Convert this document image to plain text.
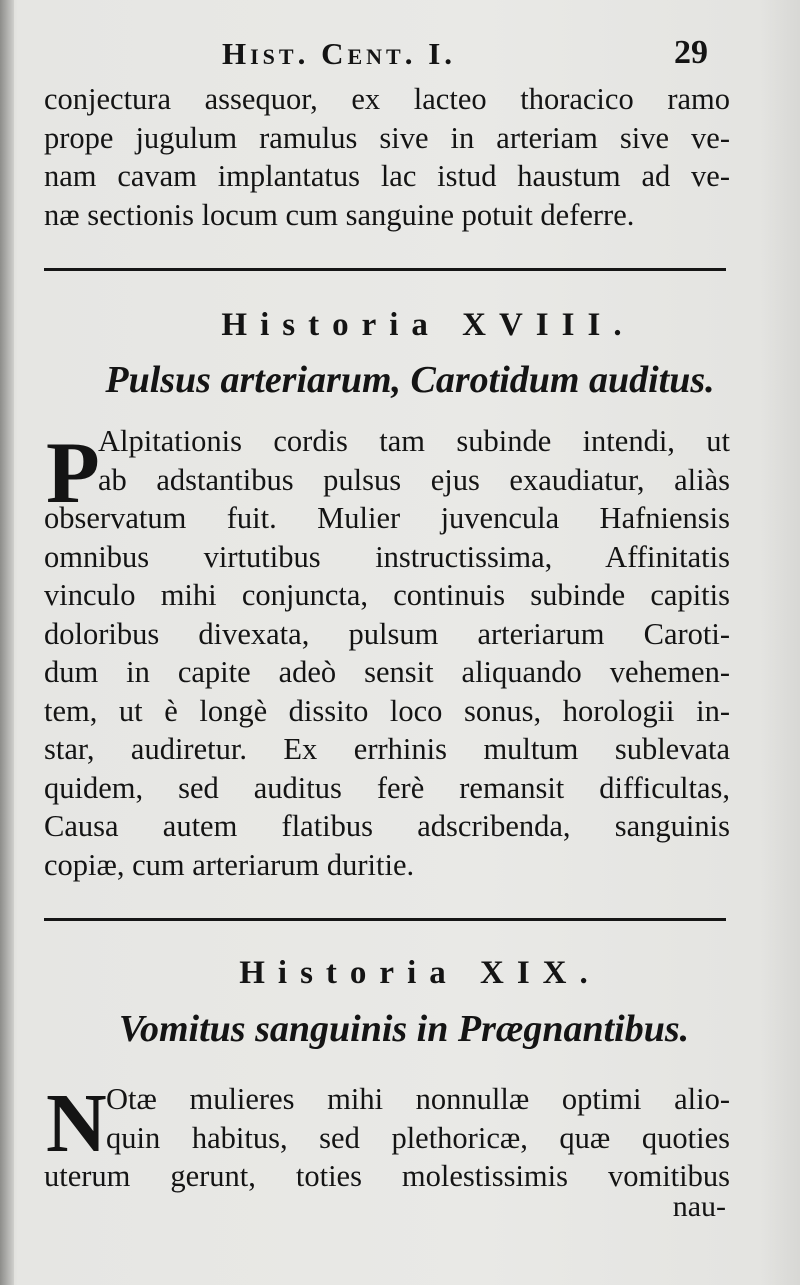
Hist. Cent. I.	29
conjectura assequor, ex lacteo thoracico ramo
prope jugulum ramulus sive in arteriam sive ve-
nam cavam implantatus lac istud haustum ad ve-
næ sectionis locum cum sanguine potuit deferre.
Historia XVIII.
Pulsus arteriarum, Carotidum auditus.
P
Alpitationis cordis tam subinde intendi, ut
ab adstantibus pulsus ejus exaudiatur, aliàs
observatum fuit. Mulier juvencula Hafniensis
omnibus virtutibus instructissima, Affinitatis
vinculo mihi conjuncta, continuis subinde capitis
doloribus divexata, pulsum arteriarum Caroti-
dum in capite adeò sensit aliquando vehemen-
tem, ut è longè dissito loco sonus, horologii in-
star, audiretur. Ex errhinis multum sublevata
quidem, sed auditus ferè remansit difficultas,
Causa autem flatibus adscribenda, sanguinis
copiæ, cum arteriarum duritie.
Historia XIX.
Vomitus sanguinis in Prægnantibus.
N Otæ mulieres mihi nonnullæ optimi alio-
quin habitus, sed plethoricæ, quæ quoties
uterum gerunt, toties molestissimis vomitibus
nau-
